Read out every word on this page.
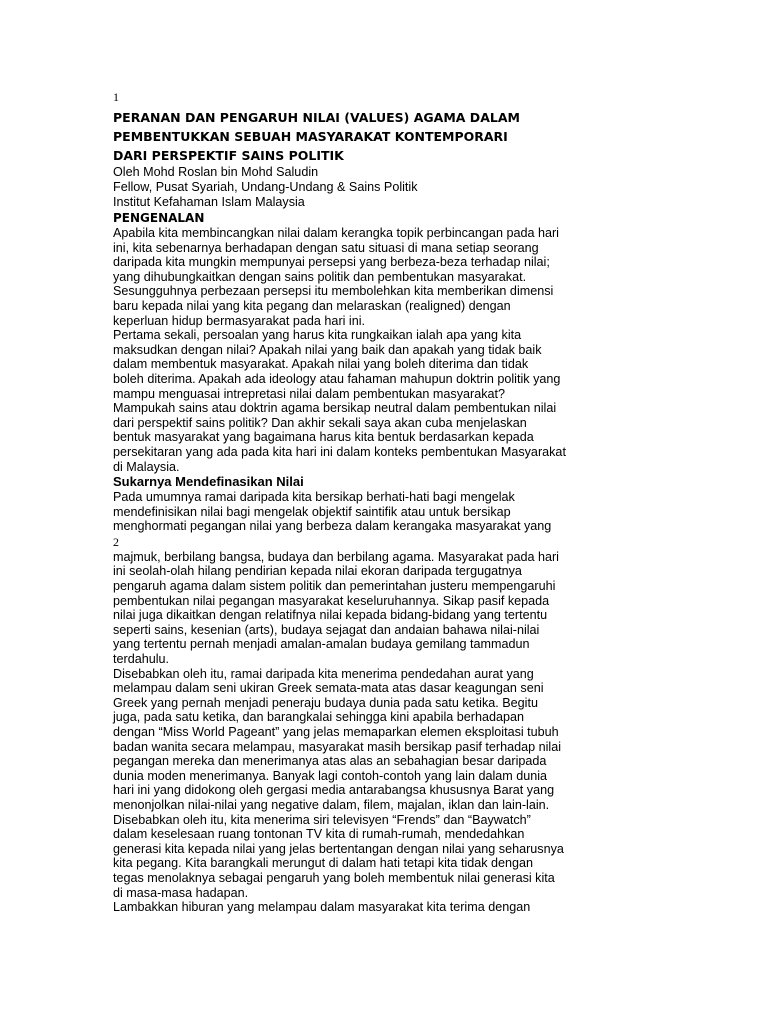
1
PERANAN DAN PENGARUH NILAI (VALUES) AGAMA DALAM
PEMBENTUKKAN SEBUAH MASYARAKAT KONTEMPORARI
DARI PERSPEKTIF SAINS POLITIK
Oleh Mohd Roslan bin Mohd Saludin
Fellow, Pusat Syariah, Undang-Undang & Sains Politik
Institut Kefahaman Islam Malaysia
PENGENALAN
Apabila kita membincangkan nilai dalam kerangka topik perbincangan pada hari
ini, kita sebenarnya berhadapan dengan satu situasi di mana setiap seorang
daripada kita mungkin mempunyai persepsi yang berbeza-beza terhadap nilai;
yang dihubungkaitkan dengan sains politik dan pembentukan masyarakat.
Sesungguhnya perbezaan persepsi itu membolehkan kita memberikan dimensi
baru kepada nilai yang kita pegang dan melaraskan (realigned) dengan
keperluan hidup bermasyarakat pada hari ini.
Pertama sekali, persoalan yang harus kita rungkaikan ialah apa yang kita
maksudkan dengan nilai? Apakah nilai yang baik dan apakah yang tidak baik
dalam membentuk masyarakat. Apakah nilai yang boleh diterima dan tidak
boleh diterima. Apakah ada ideology atau fahaman mahupun doktrin politik yang
mampu menguasai intrepretasi nilai dalam pembentukan masyarakat?
Mampukah sains atau doktrin agama bersikap neutral dalam pembentukan nilai
dari perspektif sains politik? Dan akhir sekali saya akan cuba menjelaskan
bentuk masyarakat yang bagaimana harus kita bentuk berdasarkan kepada
persekitaran yang ada pada kita hari ini dalam konteks pembentukan Masyarakat
di Malaysia.
Sukarnya Mendefinasikan Nilai
Pada umumnya ramai daripada kita bersikap berhati-hati bagi mengelak
mendefinisikan nilai bagi mengelak objektif saintifik atau untuk bersikap
menghormati pegangan nilai yang berbeza dalam kerangaka masyarakat yang
2
majmuk, berbilang bangsa, budaya dan berbilang agama. Masyarakat pada hari
ini seolah-olah hilang pendirian kepada nilai ekoran daripada tergugatnya
pengaruh agama dalam sistem politik dan pemerintahan justeru mempengaruhi
pembentukan nilai pegangan masyarakat keseluruhannya. Sikap pasif kepada
nilai juga dikaitkan dengan relatifnya nilai kepada bidang-bidang yang tertentu
seperti sains, kesenian (arts), budaya sejagat dan andaian bahawa nilai-nilai
yang tertentu pernah menjadi amalan-amalan budaya gemilang tammadun
terdahulu.
Disebabkan oleh itu, ramai daripada kita menerima pendedahan aurat yang
melampau dalam seni ukiran Greek semata-mata atas dasar keagungan seni
Greek yang pernah menjadi peneraju budaya dunia pada satu ketika. Begitu
juga, pada satu ketika, dan barangkalai sehingga kini apabila berhadapan
dengan “Miss World Pageant” yang jelas memaparkan elemen eksploitasi tubuh
badan wanita secara melampau, masyarakat masih bersikap pasif terhadap nilai
pegangan mereka dan menerimanya atas alas an sebahagian besar daripada
dunia moden menerimanya. Banyak lagi contoh-contoh yang lain dalam dunia
hari ini yang didokong oleh gergasi media antarabangsa khususnya Barat yang
menonjolkan nilai-nilai yang negative dalam, filem, majalan, iklan dan lain-lain.
Disebabkan oleh itu, kita menerima siri televisyen “Frends” dan “Baywatch”
dalam keselesaan ruang tontonan TV kita di rumah-rumah, mendedahkan
generasi kita kepada nilai yang jelas bertentangan dengan nilai yang seharusnya
kita pegang. Kita barangkali merungut di dalam hati tetapi kita tidak dengan
tegas menolaknya sebagai pengaruh yang boleh membentuk nilai generasi kita
di masa-masa hadapan.
Lambakkan hiburan yang melampau dalam masyarakat kita terima dengan
